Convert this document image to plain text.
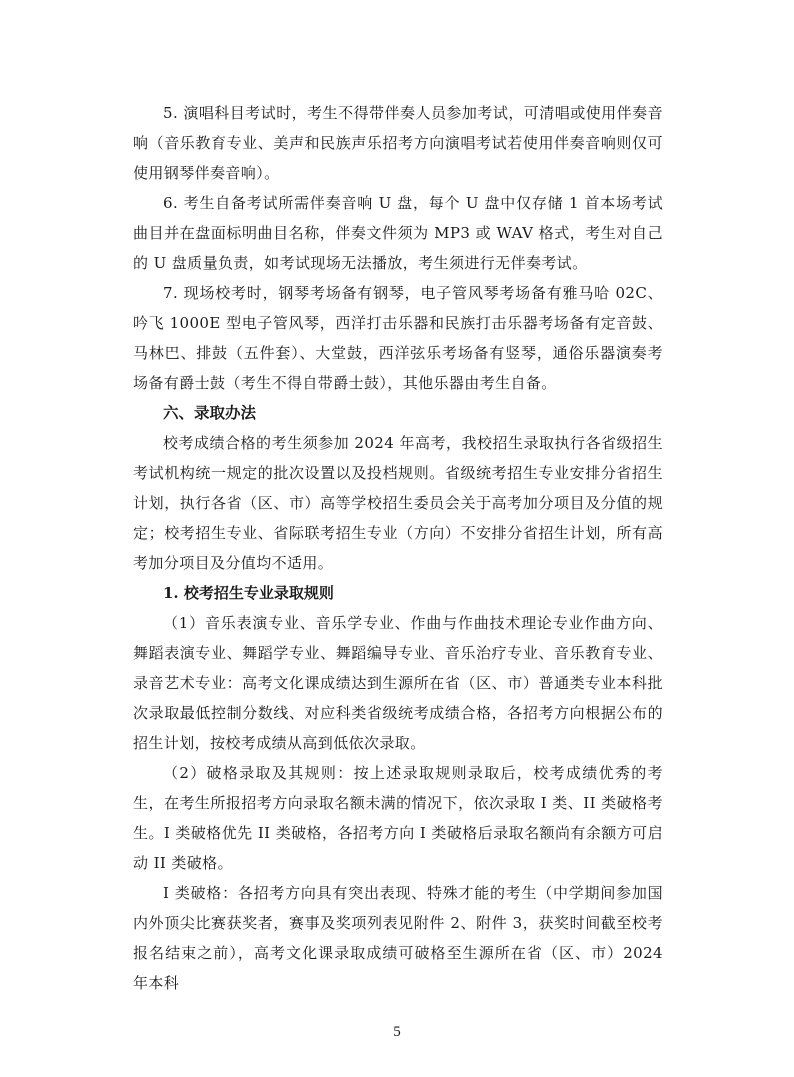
5. 演唱科目考试时，考生不得带伴奏人员参加考试，可清唱或使用伴奏音响（音乐教育专业、美声和民族声乐招考方向演唱考试若使用伴奏音响则仅可使用钢琴伴奏音响）。

6. 考生自备考试所需伴奏音响 U 盘，每个 U 盘中仅存储 1 首本场考试曲目并在盘面标明曲目名称，伴奏文件须为 MP3 或 WAV 格式，考生对自己的 U 盘质量负责，如考试现场无法播放，考生须进行无伴奏考试。

7. 现场校考时，钢琴考场备有钢琴，电子管风琴考场备有雅马哈 02C、吟飞 1000E 型电子管风琴，西洋打击乐器和民族打击乐器考场备有定音鼓、马林巴、排鼓（五件套）、大堂鼓，西洋弦乐考场备有竖琴，通俗乐器演奏考场备有爵士鼓（考生不得自带爵士鼓），其他乐器由考生自备。

六、录取办法

校考成绩合格的考生须参加 2024 年高考，我校招生录取执行各省级招生考试机构统一规定的批次设置以及投档规则。省级统考招生专业安排分省招生计划，执行各省（区、市）高等学校招生委员会关于高考加分项目及分值的规定；校考招生专业、省际联考招生专业（方向）不安排分省招生计划，所有高考加分项目及分值均不适用。

1. 校考招生专业录取规则

（1）音乐表演专业、音乐学专业、作曲与作曲技术理论专业作曲方向、舞蹈表演专业、舞蹈学专业、舞蹈编导专业、音乐治疗专业、音乐教育专业、录音艺术专业：高考文化课成绩达到生源所在省（区、市）普通类专业本科批次录取最低控制分数线、对应科类省级统考成绩合格，各招考方向根据公布的招生计划，按校考成绩从高到低依次录取。

（2）破格录取及其规则：按上述录取规则录取后，校考成绩优秀的考生，在考生所报招考方向录取名额未满的情况下，依次录取 I 类、II 类破格考生。I 类破格优先 II 类破格，各招考方向 I 类破格后录取名额尚有余额方可启动 II 类破格。

I 类破格：各招考方向具有突出表现、特殊才能的考生（中学期间参加国内外顶尖比赛获奖者，赛事及奖项列表见附件 2、附件 3，获奖时间截至校考报名结束之前），高考文化课录取成绩可破格至生源所在省（区、市）2024 年本科

5
